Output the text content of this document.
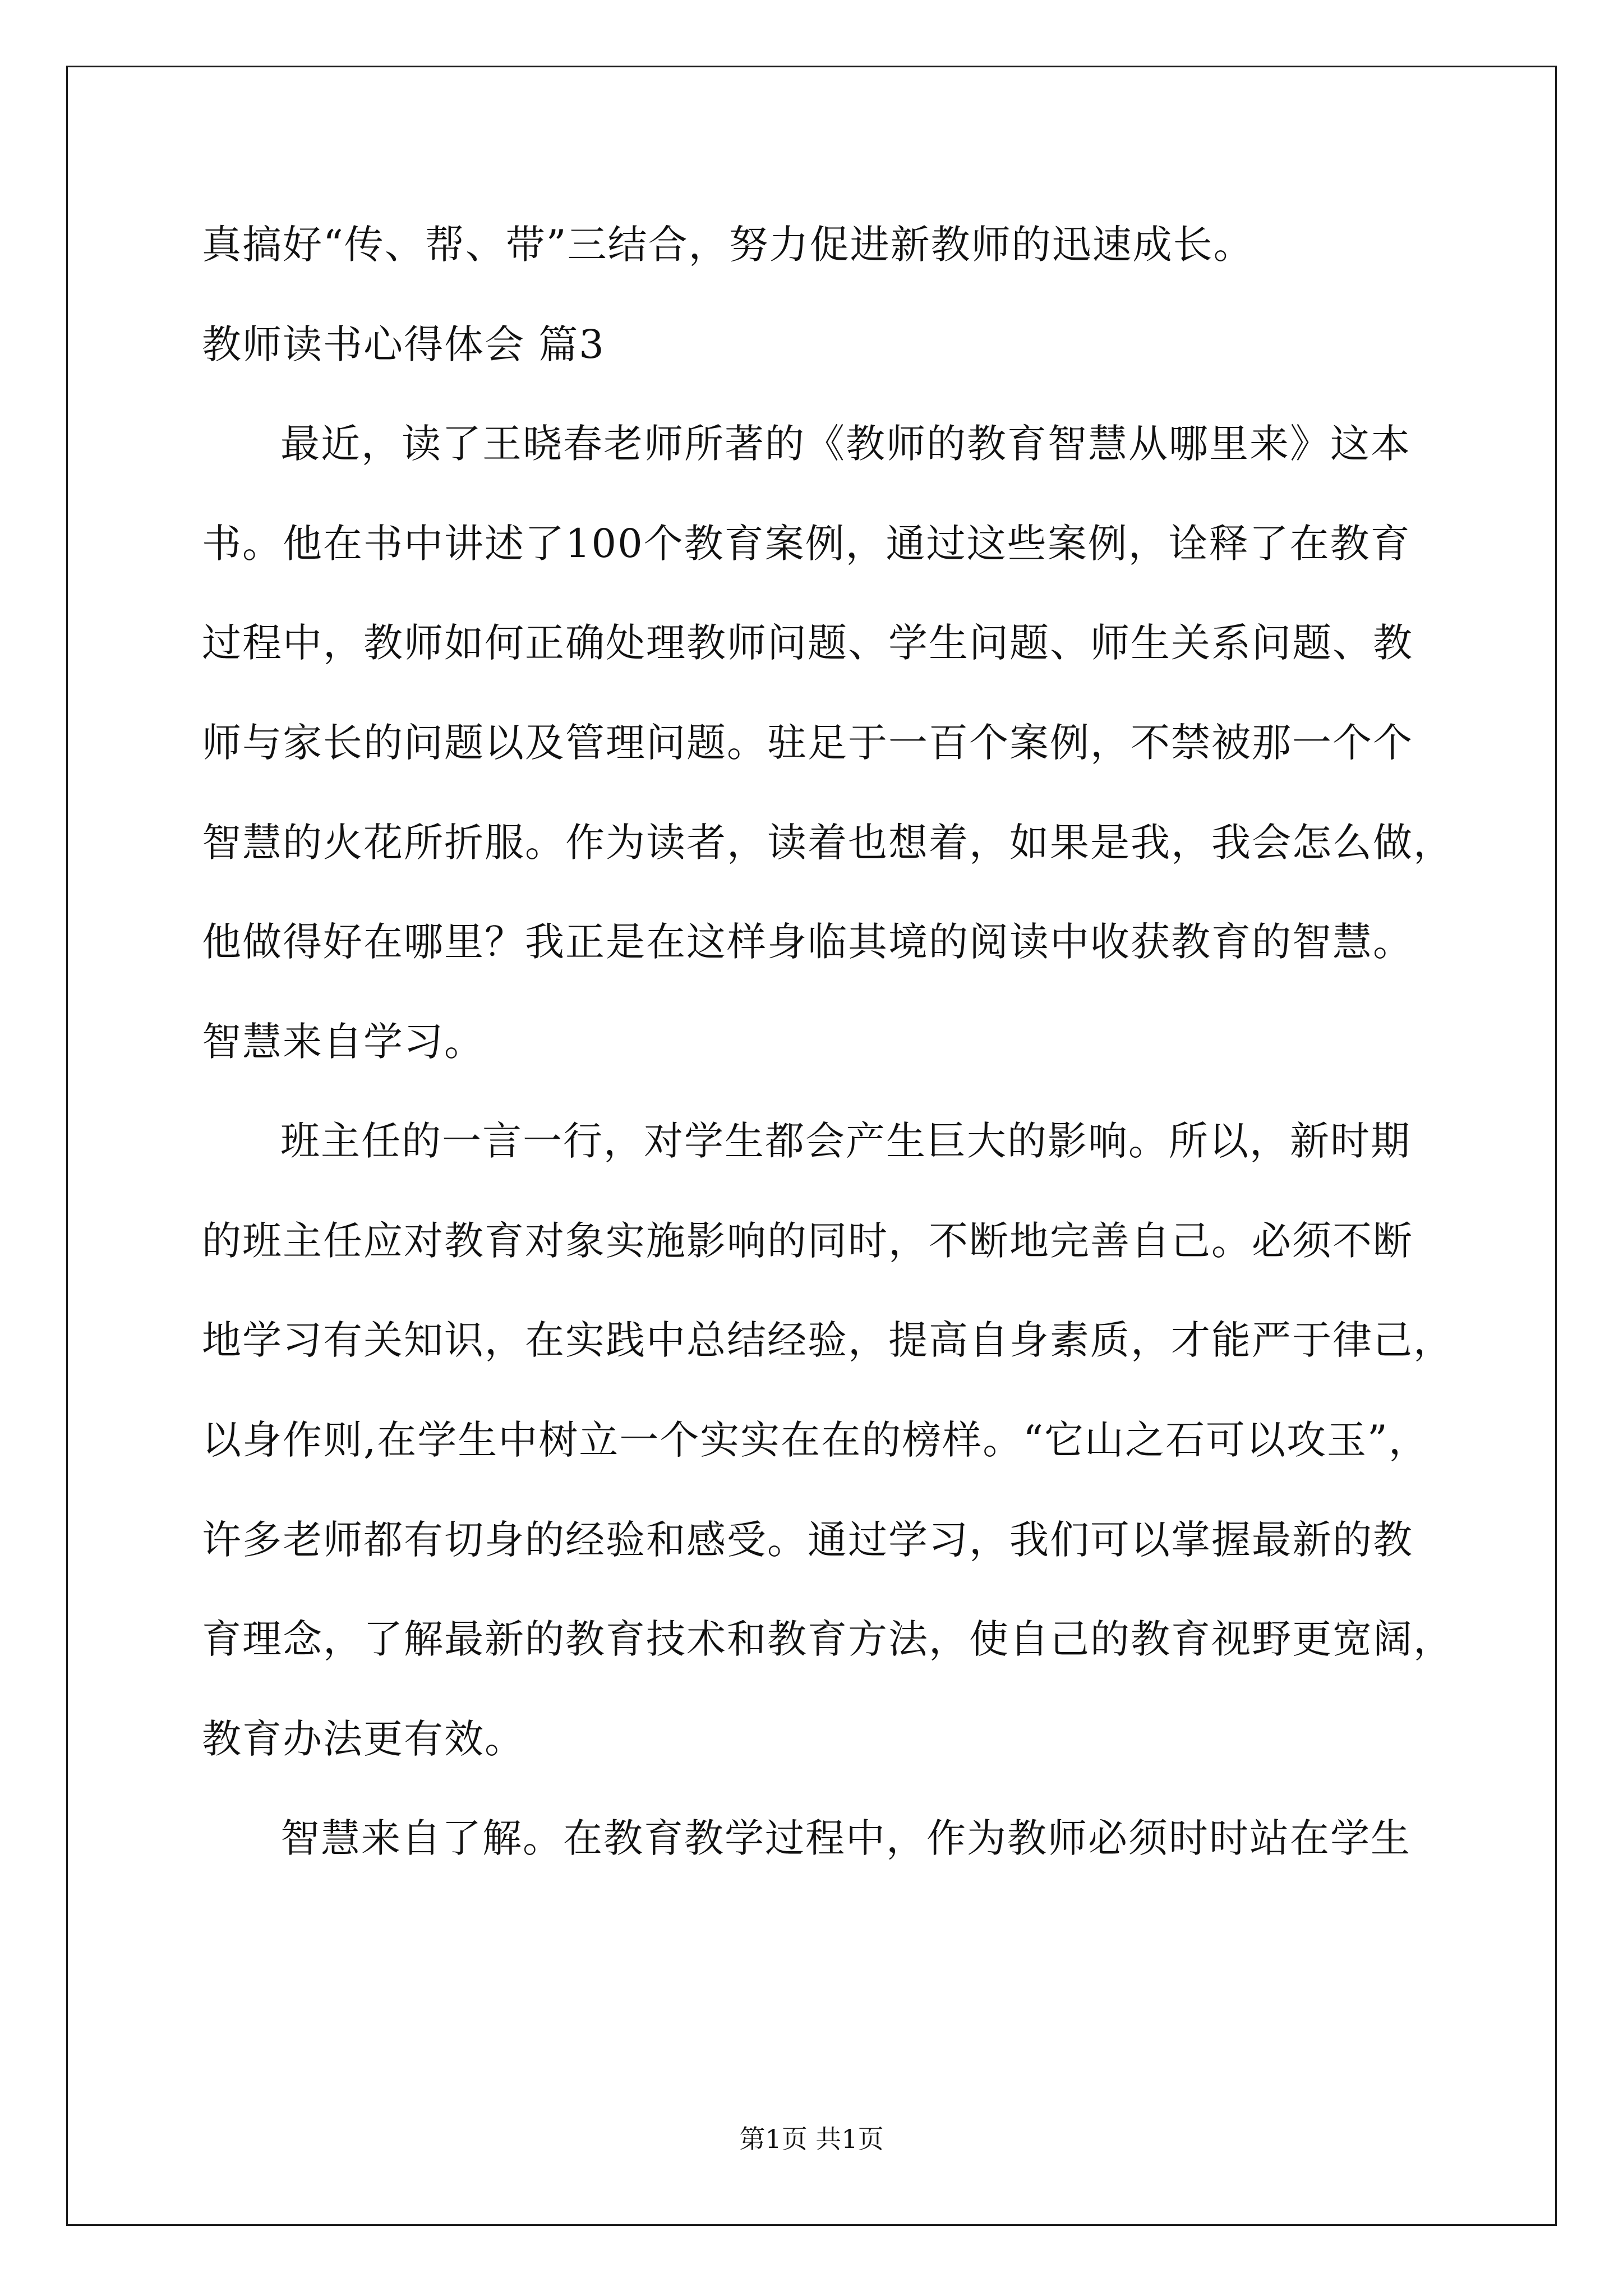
真搞好“传、帮、带”三结合，努力促进新教师的迅速成长。
教师读书心得体会 篇3
最近，读了王晓春老师所著的《教师的教育智慧从哪里来》这本
书。他在书中讲述了100个教育案例，通过这些案例，诠释了在教育
过程中，教师如何正确处理教师问题、学生问题、师生关系问题、教
师与家长的问题以及管理问题。驻足于一百个案例，不禁被那一个个
智慧的火花所折服。作为读者，读着也想着，如果是我，我会怎么做，
他做得好在哪里？我正是在这样身临其境的阅读中收获教育的智慧。
智慧来自学习。
班主任的一言一行，对学生都会产生巨大的影响。所以，新时期
的班主任应对教育对象实施影响的同时，不断地完善自己。必须不断
地学习有关知识，在实践中总结经验，提高自身素质，才能严于律己，
以身作则,在学生中树立一个实实在在的榜样。“它山之石可以攻玉”，
许多老师都有切身的经验和感受。通过学习，我们可以掌握最新的教
育理念，了解最新的教育技术和教育方法，使自己的教育视野更宽阔，
教育办法更有效。
智慧来自了解。在教育教学过程中，作为教师必须时时站在学生
第1页 共1页
